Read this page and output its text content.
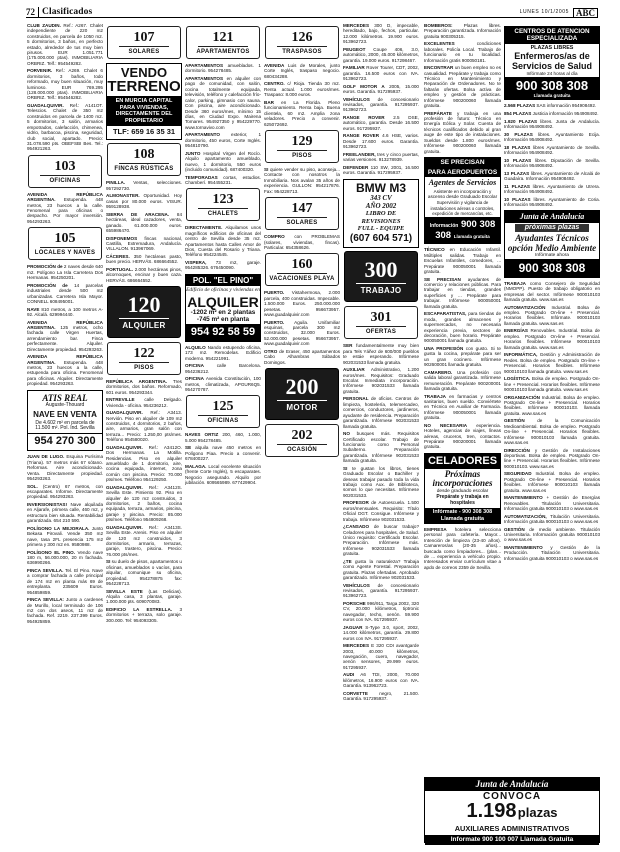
72 Clasificados	LUNES 10/1/2005 ABC

CLUB ZAUDIN. Ref.: A267. Chalet independiente de 220 m2 construidos, en parcela de 1050 m2. 5 dormitorios, 3 baños, en perfecto estado, alrededor de tus muy bien pirusos. EUR 1.051.771 (175.000.000 ptas). INMOBILIARIA ORBRIZ. Telf.: 954549282.

PORVENIR. Ref.: A269. Chalet 6 dormitorios, 3 baños, todo reformado, muy buen situación, muy luminoso. EUR 769.295 (128.000.000 ptas). INMOBILIARIA ORBRIZ. Telf.: 954546282.

GUADALQUIVIR. Ref.: A141OT. Telescios. Chalet de 350 m2 construidos en parcela de 1400 m2. 5 dormitorios, 3 salón, armarios empotrados, calefacción, chimenea, vidrio, barbacoa, piscina, seguridad, club social, apartado. Precio: 31.078.590 pts. OBEFSBI Bes. Tel.: 954921263.

103
OFICINAS

AVENIDA REPÚBLICA ARGENTINA. Estupenda. 448 metros, 23 huecos a la calle. Fenomenal para oficinas o despacho. Por mayor inversión. 954293263.

105
LOCALES Y NAVES

PROMOCIÓN de 2 naves desde 640 m2. Polígono La Isla Carretera Dos Hermanas. 954250201.

PROMOCIÓN de 14 parcelas industriales desde 500 m2 urbanizadas. Carretera Isla Mayor. CONNELL 608495001.

NAVE 810 metros, a 100 metros A-92. Alcalá. 629994440.

AVENIDA REPÚBLICA ARGENTINA. 125 metros, ocho fachada calle Virgen Huertas, arrendamiento bar. Finca perfectamente. Alquiler. Directamente propiedad. 954293263.

AVENIDA REPÚBLICA ARGENTINA. Estupenda. 448 metros, 23 huecos a la calle, estupenda para oficina. Fenomenal para oficinas. Alquiler. Directamente propiedad. 954293263.

ATIS REAL
Auguste-Thouard
NAVE EN VENTA
De 4.602 m² en parcela de 11.500 m². Pol. Ind. Sevilla
954 270 300

JUAN DE LUGO. Esquina Purísima (Triana). 57 metros más 67 sótano. Reformas. Aire acondicionado. Venta. Directamente propiedad. 954293263.

SOL. (Centro) 67 metros, con escaparates. Informe. Directamente propiedad. 954293263.

INVERSIONISTAS! Nave alquilada en Aljarafe, primera calle, 460 m2, y estructura bien situada. Rentabilidad garantizada. 654 210 590.

POLÍGONO LA MEJORALA. Junto Bekasa Pirovali. Vende 350 m2 nave, tasa 2FL presencia 175 m2 primera y 300 m2 en. 9580988.

POLÍGONO EL PINO. Vendo nave 180 m, 56.000.000, 20 m fachada. 636990266.

FINCA SEVILLA. Tel. El Pino. Nave a comprar fachada a calle principal de 174 m2 en planta más 69 de entreplanta. 235609 Euros. 954859859.

FINCA SEVILLA: Junto a cardenes de Murillo, local terminado de 106 m2 con dos aseos, 11 m2 de fachada. Ref. 2219. 237.399 Euros. 954925859.

107
SOLARES
VENDO
TERRENO
EN MURCIA CAPITAL PARA VIVIENDAS, DIRECTAMENTE DEL PROPIETARIO
TLF: 659 16 35 31
108
FINCAS RÚSTICAS

PINILLA. Ventas, selecciones. 957292730.

ALMONASTER. Oportunidad. Hoy casas por 80.000 euros. VISUR. 959128938.

SIERRA DE ARACENA. 84 hectáreas, ideal cazadores, venta, ganado. 61.000.000 euros. 655986470.

DISPONEMOS fincas nacional, Castilla, Extremadura, Andalucía. VILLALON. 913967069.

CÁCERES. 350 hectáreas pasto, buen precio. HERVÁS. 686664552.

PORTUGAL. 2.000 hectáreas pinos, alcornoques, encinar y buen caza. HERVÁS. 686664552.

120
ALQUILER
122
PISOS

REPÚBLICA ARGENTINA. Tres dormitorios, dos baños. Reformado, 601 euros. 954293344.

ENTREVILLE calle Delgado. Vivienda - oficina. 954236212.

GUADALQUIVIR. Ref.: A3413. Nervión. Piso en alquiler de 109 m2 construidos, 4 dormitorios, 2 baños, aire, armarios, gran salón con terraza... Precio: 1.250,00 pts/mes. Teléfono 954580020.

GUADALQUIVIR. Ref.: A3412O. Dos Hermanas. La Motilla. Residencias. Piso en alquiler amueblado de 1 dormitorio, aire, cocina equipada, internet, zona común con piscina. Precio: 70.000 pts/mes. Teléfono 954129250.

GUADALQUIVIR. Ref.: A3412S. Sevilla Este. Pimiento 92. Piso en alquiler de 120 m2 construidos, 3 dormitorios, 2 baños, cocina equipada, terraza, armarios, piscina, garaje y piscina. Precio: 85.000 pts/mes. Teléfono 954809268.

GUADALQUIVIR. Ref.: A3413S. Sevilla Este. Arenis. Piso en alquiler de 120 m2 construidos, 3 dormitorios, armario, terrazas, garaje, trastero, piscina. Precio: 76.000 pts/mes.

SI su duelo de pisos, apartamentos u oficinas, amueblados o vacíos, para alquilar, comunique su oficina, propiedad. 954278875 fax: 954228713.

SEVILLA ESTE (Las Delicias). Alquila casa, 3 plantas, garaje. 1.000.000 pts. 609070083.

EDIFICIO LA ESTRELLA. 3 dormitorios + terraza, solo garaje. 300.000. Tel: 954093305.

121
APARTAMENTOS

APARTAMENTOS amueblados. 1 dormitorio. 954278485.

APARTAMENTOS en alquiler con pago de comunidad, con salón, cocina totalmente equipada, televisión, teléfono y calefacción frío-calor, parking, gimnasio con sauna. Con piscina, aire acondicionado. Desde 360 euros/mes, mínimo 15 días, en Ciudad Expo. Mairena Tomares. 954927350 y 954229770. www.tornavivo.com

APARTAMENTO exterior, 1 dormitorio, 450 euros, Corte Inglés. 954810790.

JUNTO Hospital Virgen del Rocío. Alquilo apartamento amueblado, nuevo, 1 dormitorio, 550 euros (incluido comunidad). 687400320.

TEMPORADAS cortas, estudios. Chamberí. 954455231.

123
CHALETS

DIRECTAMENTE. Alquilamos unos magníficos edificios de oficinas del centro de Sevilla desde 35 m2. Apartamentos hasta Calles Amor de Dios, Cuesta del Rosario y Triana. Teléfono 954224545.

VISPERA, 73 m2, garaje. 954285326. 676450090.

POL. "EL PINO"
Edificio de oficinas y viviendas en
ALQUILER
-1202 m² en 2 plantas
-745 m² en planta
954 92 58 59

ALQUILO Nando estupendo oficina, 173 m2. Remodelas. Edificio moderno. 954221991.

OFICINA calle Barcelona. 954236212.

OFICINA Avenida Constitución, 100 metros, climatizada, APGUR6Q5. 954270787.

125
OFICINAS

NAVES ORTIZ 200, 460, 1.000, 5.000 954278485.

SE alquila nave 450 metros en Polígono Piaa. Precio a convenir. 678400227.

MALAGA. Local excelente situación (frente Corte Inglés), 5 escaparates. Negocio asegurado. Alquilo por jubilación. 609565989. 677429904.

126
TRASPASOS

AVENIDA Luis de Morales, junto Corte Inglés, traspaso negocio. 680434288.

CENTRO. c/ Rioja. Tienda 30 m2. Renta actual. 1.000 euros/mes. Traspaso: 8.000 euros.

BAR en La Florida. Pleno funcionamiento. Renta baja. Buena clientela, 60 m2. Amplia zona veladores. Precio a convenir. 625072692.

129
PISOS

SI quiere vender su piso, aconseja... Contacte con nosotros la Inmobiliaria. Nos avalan 35 años de experiencia. GULLON: 954217876. Fax: 954228713.

147
SOLARES

COMPRO con PROBLEMAS (solares, viviendas, fincas). Particular. 654358626.

160
VACACIONES PLAYA

PUERTO. Vistahermosa, 2.000 parcela, 400 construidas. Impecable. 1.500.000 Euros. 250.000.000 pesetas. 956673957. www.guadalquivir.com

PUERTO. Aguila. Unifamiliar esquinas, parcela 300 m2 construidos, 32.000 Euros. 52.000.000 pesetas. 956673957. www.guadalquivir.com

OTRO de Eraser, 450 apartamentos Cabo Alhambras Sábados Domingos.

200
MOTOR
202
OCASIÓN

MERCEDES 300 D, impecable, hereditado, bajo, fechos, particular. 12.000 kilómetros. 19.900 euros. 913962723.

PEUGEOT Coupe 406, 3.0, automático, 2000, 45.000 kilómetros, garantía. 19.000 euros. 917298467.

FAMILIAR Rover Tourer, CDT, 2002, garantía. 16.500 euros con IVA. 913962723.

GOLF MOTOR A 2005, 15.000 euros. Garantía. 917295937.

VEHÍCULOS de concesionario revisados, garantía. 917295937. 913962723.

RANGE ROVER 2.5 DSE, automático, garantía. Desde 16.500 euros. 917295937.

RANGE ROVER 4.6 HSE, varios. Desde 17.600 euros. Garantía. 913962723.

FREELANDER, tres y cinco puertas, varias versiones. 913278939.

DEFENDER 110 SW, 2001, 16.500 euros. Garantía. 917295937.

BMW M3
343 CV
AÑO 2002
LIBRO DE
REVISIONES
FULL - EQUIPE
(607 604 571)
300
TRABAJO
301
OFERTAS

SER fundamentalmente muy bien para Tels Yáñez de 600/000 pueblos te estáe esperando. Infórmese 902031533 llamada gratuita.

AUXILIAR Administrativo, 1.200 euros/mes. Requisitos: Graduado Escolar. Inmediata incorporación. Infórmese 902031533 llamada gratuita.

PERSONAL de oficios. Centros de limpieza, hostelería, telemercadeo, comercios, conductores, jardineros, ayudante de residencia. Preparación garantizada. Infórmese 902031533 llamada gratuita.

NO busques más. Requisitos Certificado escolar. Trabajo de funcionario como Personal Subalterno. Preparación garantizada. Infórmese 902031533 llamada gratuita.

SI te gustan los libros, tienes Graduado Escolar o Bachiller y deseas trabajar pasado toda la vida trabajo como Aux. de Biblioteca, somos lo que necesitas. Infórmese 902031533.

PROFESOR de Autoescuela. 1.500 euros/mensuales. Requisito: Título Oficial DGT. Consigue. Infórmese y trabaja. Infórmese 902031533.

¿CANSADO de buscar trabajo? Celadores para hospitales, de Salud. Único requisito: Certificado Escolar. Preparación. Infórmese más. Infórmese 902031533 llamada gratuita.

¿TE gusta la naturaleza? Trabaja como Agente Forestal. Preparación gratuita. Plazas ofertadas. Aprobado garantizado. Infórmese 902031533.

VEHÍCULOS de concesionario revisados, garantía. 917295937. 913962723.

PORSCHE 996/911, Targa 2002, 320 CV, 20.000 kilómetros, tiptronic navegador, techo, xenón. 59.900 euros con IVA. 917295937.

JAGUAR S-Type 3.0, sport, 2002, 14.000 kilómetros, garantía. 29.800 euros con IVA. 917295937.

MERCEDES E 320 CDI avantgarde 2003, 40.000 kilómetros, navegación, cuero, navegador, xenón sensores, 29.999 euros. 917295937.

AUDI A6 TDI, 2000, 70.000 kilómetros, 16.900 euros con IVA. Garantía. 913962723.

CORVETTE negro, 21.500. Garantía. 917295937.

BOMBEROS: Plazas libres. Preparación garantizada. Información gratuita 900305315.

EXCELENTES condiciones laborales. Policía Local. Trabajo de funcionario en tu localidad. Información gratis 900050181.

ENCONTRAR un buen empleo no es casualidad. Prepárate y trabaja como Técnico en Mantenimiento y Reparación de Ordenadores. No te faltarán ofertas. Bolsa activa de empleo y gestión de prácticas. Infórmese 900200060 llamada gratuita.

PREPÁRATE y trabaja en una profesión de futuro: Técnico en Energía Eólica y Solar. Cuenta de técnicos cualificados debido al gran auge de este tipo de instalaciones. Sueldos desde 1.800 euros/mes. Infórmese 900200060 llamada gratuita.

SE PRECISAN
PARA AEROPUERTOS
Agentes de Servicios
Asistente en incorporación y
ascenso desde Graduado Escolar
Supervisión y vigilancia de instalaciones aéreas o controles, expedición de mercancías, etc.
Información 900 308 308 Llamada gratuita

TÉCNICO en Educación Infantil. Múltiples salidas. Trabajo en Escuelas Infantiles, comedores, ... Prepárate 900050001 llamada gratuita.

SE PRECISAN ayudantes de comercio y relaciones públicas. Para trabajar en tiendas, grandes superficies y ... Prepárate para trabajar. Infórmese 900050001 llamada gratuita.

ESCAPARATISTAS, para tiendas de moda, grandes almacenes y supermercados, no necesaria experiencia previa, sectores de decoración, buen horario. Prepárate 900050001 llamada gratuita.

UNA PROFESIÓN con gusto. Si te gusta la cocina, prepárate para ser un gran cocinero. Infórmese 902600001 llamada gratuita.

CAMARERO. Una profesión con salida laboral garantizada. Infórmese remuneración. Prepárate 900200001 llamada gratuita.

TRABAJA en farmacias y centros sanitarios, buen sueldo. Conviértete en Técnico en Auxiliar de Farmacia. Infórmese 900050001 llamada gratuita.

NO NECESARIA experiencia. Hoteles, agencias de viajes, líneas aéreas, cruceros, tren, contactos. Prepárate 900200001 llamada gratuita.

CELADORES
Próximas
incorporaciones
desde graduado escolar
Prepárate y trabaja en hospitales
Infórmate - 900 308 308 Llamada gratuita

EMPRESA hotelera selecciona personal para cafetería. Mayor... Intención de limpieza (23-40 años). Camareros/as (20-35 años)... buscada como limpiadores... (plan... de ... experiencia a vehículo propio. Interesados enviar currículum vitae a apdo de correos 2359 de Sevilla.

CENTROS DE ATENCION
ESPECIALIZADA
PLAZAS LIBRES
Enfermeros/as de
Servicios de Salud
Infórmate 24 horas al día
900 308 308
Llamada gratuita

2.568 PLAZAS SAS información 954908492.

854 PLAZAS Justicia información 954908492.

1.920 PLAZAS libres. Junta de Andalucía. Información 954908492.

30 PLAZAS libres. Ayuntamiento Ecija. Información 954908492.

18 PLAZAS libres Ayuntamiento de Sevilla. Información 954908492.

10 PLAZAS libres. Diputación de Sevilla. Información 954908492.

13 PLAZAS libres. Ayuntamiento de Alcalá de Guadaíra. Información 954908492.

11 PLAZAS libres. Ayuntamiento de Utrera. Información 954908492.

10 PLAZAS libres. Ayuntamiento de Coria. Información 954908492.

Junta de Andalucía
próximas plazas
Ayudantes Técnicos
opción Medio Ambiente
Infórmate ahora
900 308 308

TRABAJA como Consejero de Seguridad (NMOPP). Puesto de trabajo obligatorio en empresas del sector. Infórmese 900010103 llamada gratuita. www.sas.es

AUTOMATIZACIÓN Industrial. Bolsa de empleo. Postgrado On-line + Presencial. Horarios flexibles. Infórmate. 900010103 llamada gratuita. www.sas.es

ENERGÍAS Renovables. Industrial. Bolsa de empleo. Postgrado On-line + Presencial. Horarios flexibles. Infórmese 900010103 llamada gratuita. www.sas.es

INFORMÁTICA, Gestión y Administración de Redes. Bolsa de empleo. Postgrado On-line + Presencial. Horarios flexibles. Infórmese 900010103 llamada gratuita. www.sas.es

LOGÍSTICA. Bolsa de empleo. Postgrado On-line + Presencial. Horarios flexibles. Infórmese 900010103 llamada gratuita. www.sas.es

ORGANIZACIÓN Industrial. Bolsa de empleo. Postgrado On-line + Presencial. Horarios flexibles. Infórmese 900010103. llamada gratuita. www.sas.es

GESTIÓN de la Comunicación Medioambiental. Bolsa de empleo. Postgrado On-line + Presencial. Horarios flexibles. Infórmese 900010103 llamada gratuita. www.sas.es

DIRECCIÓN y Gestión de Instalaciones deportivas. Bolsa de empleo. Postgrado On-line + Presencial. Horarios flexibles. Infórmese 900010103. www.sas.es

SEGURIDAD Industrial. Bolsa de empleo. Postgrado On-line + Presencial. Horarios flexibles. Infórmese 900010103 llamada gratuita. www.sas.es

MANTENIMIENTO + Gestión de Energías Renovables. Titulación Universitaria. Información gratuita 900010103 o www.sas.es

AUTOMATIZACIÓN, Titulación Universitaria. Información gratuita 900010103 o www.sas.es

GESTIÓN de medio ambiente. Titulación Universitaria. Información gratuita 900010103 o www.sas.es

MANTENIMIENTO y Gestión de la Producción. Titulación Universitaria. Información gratuita 900010103 o www.sas.es

Junta de Andalucía
CONVOCA
1.198 plazas
AUXILIARES ADMINISTRATIVOS
Informate 900 100 007 Llamada Gratuita
